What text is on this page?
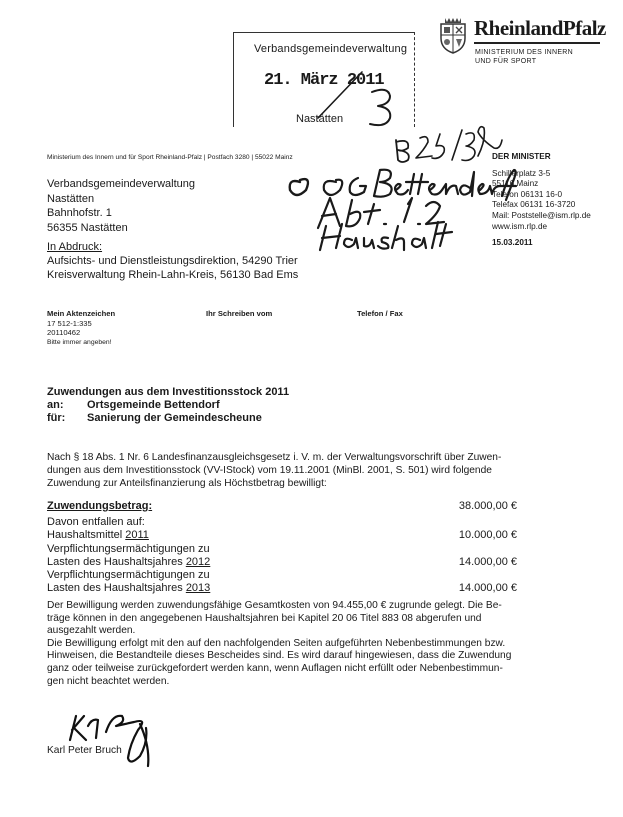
Verbandsgemeindeverwaltung
21. März 2011
Nastätten
RheinlandPfalz
MINISTERIUM DES INNERN
UND FÜR SPORT
Ministerium des Innern und für Sport Rheinland-Pfalz | Postfach 3280 | 55022 Mainz
Verbandsgemeindeverwaltung
Nastätten
Bahnhofstr. 1
56355 Nastätten
In Abdruck:
Aufsichts- und Dienstleistungsdirektion, 54290 Trier
Kreisverwaltung Rhein-Lahn-Kreis, 56130 Bad Ems
DER MINISTER
Schillerplatz 3-5
55116 Mainz
Telefon 06131 16-0
Telefax 06131 16-3720
Mail: Poststelle@ism.rlp.de
www.ism.rlp.de
15.03.2011
Mein Aktenzeichen
17 512-1:335
20110462
Bitte immer angeben!
Ihr Schreiben vom	Telefon / Fax
Zuwendungen aus dem Investitionsstock 2011
an: Ortsgemeinde Bettendorf
für: Sanierung der Gemeindescheune
Nach § 18 Abs. 1 Nr. 6 Landesfinanzausgleichsgesetz i. V. m. der Verwaltungsvorschrift über Zuwen-
dungen aus dem Investitionsstock (VV-IStock) vom 19.11.2001 (MinBl. 2001, S. 501) wird folgende
Zuwendung zur Anteilsfinanzierung als Höchstbetrag bewilligt:
Zuwendungsbetrag:	38.000,00 €
Davon entfallen auf:
Haushaltsmittel 2011	10.000,00 €
Verpflichtungsermächtigungen zu
Lasten des Haushaltsjahres 2012	14.000,00 €
Verpflichtungsermächtigungen zu
Lasten des Haushaltsjahres 2013	14.000,00 €
Der Bewilligung werden zuwendungsfähige Gesamtkosten von 94.455,00 € zugrunde gelegt. Die Be-
träge können in den angegebenen Haushaltsjahren bei Kapitel 20 06 Titel 883 08 abgerufen und
ausgezahlt werden.
Die Bewilligung erfolgt mit den auf den nachfolgenden Seiten aufgeführten Nebenbestimmungen bzw.
Hinweisen, die Bestandteile dieses Bescheides sind. Es wird darauf hingewiesen, dass die Zuwendung
ganz oder teilweise zurückgefordert werden kann, wenn Auflagen nicht erfüllt oder Nebenbestimmun-
gen nicht beachtet werden.
Karl Peter Bruch
